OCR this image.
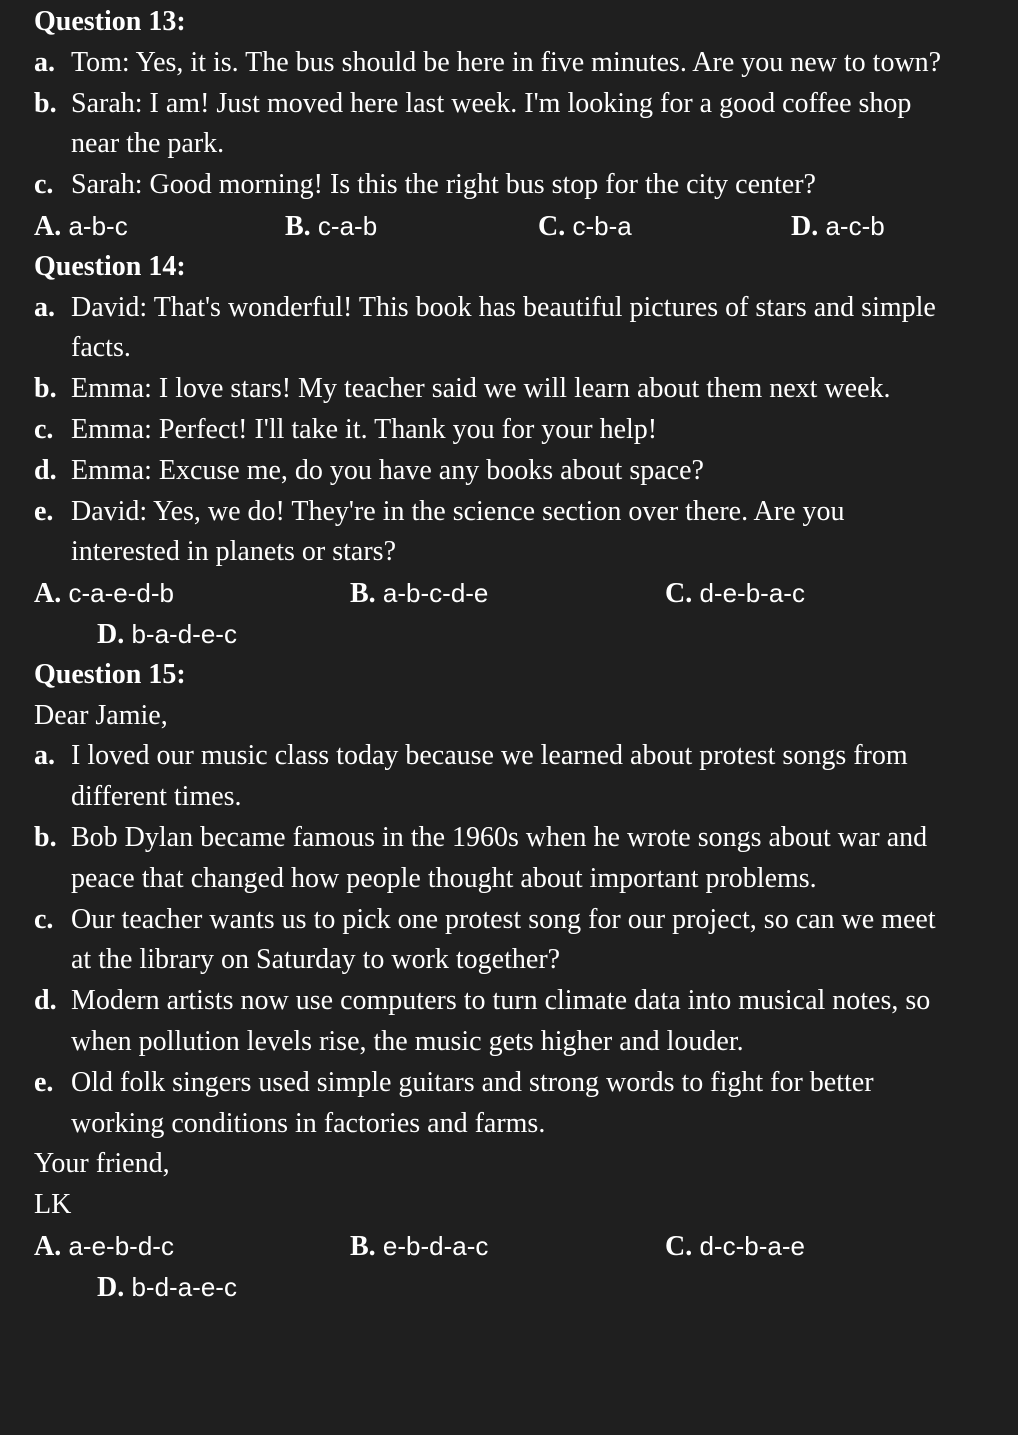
Question 13:
a. Tom: Yes, it is. The bus should be here in five minutes. Are you new to town?
b. Sarah: I am! Just moved here last week. I'm looking for a good coffee shop near the park.
c. Sarah: Good morning! Is this the right bus stop for the city center?
A. a-b-c	B. c-a-b	C. c-b-a	D. a-c-b
Question 14:
a. David: That's wonderful! This book has beautiful pictures of stars and simple facts.
b. Emma: I love stars! My teacher said we will learn about them next week.
c. Emma: Perfect! I'll take it. Thank you for your help!
d. Emma: Excuse me, do you have any books about space?
e. David: Yes, we do! They're in the science section over there. Are you interested in planets or stars?
A. c-a-e-d-b	B. a-b-c-d-e	C. d-e-b-a-c
D. b-a-d-e-c
Question 15:
Dear Jamie,
a. I loved our music class today because we learned about protest songs from different times.
b. Bob Dylan became famous in the 1960s when he wrote songs about war and peace that changed how people thought about important problems.
c. Our teacher wants us to pick one protest song for our project, so can we meet at the library on Saturday to work together?
d. Modern artists now use computers to turn climate data into musical notes, so when pollution levels rise, the music gets higher and louder.
e. Old folk singers used simple guitars and strong words to fight for better working conditions in factories and farms.
Your friend,
LK
A. a-e-b-d-c	B. e-b-d-a-c	C. d-c-b-a-e
D. b-d-a-e-c
